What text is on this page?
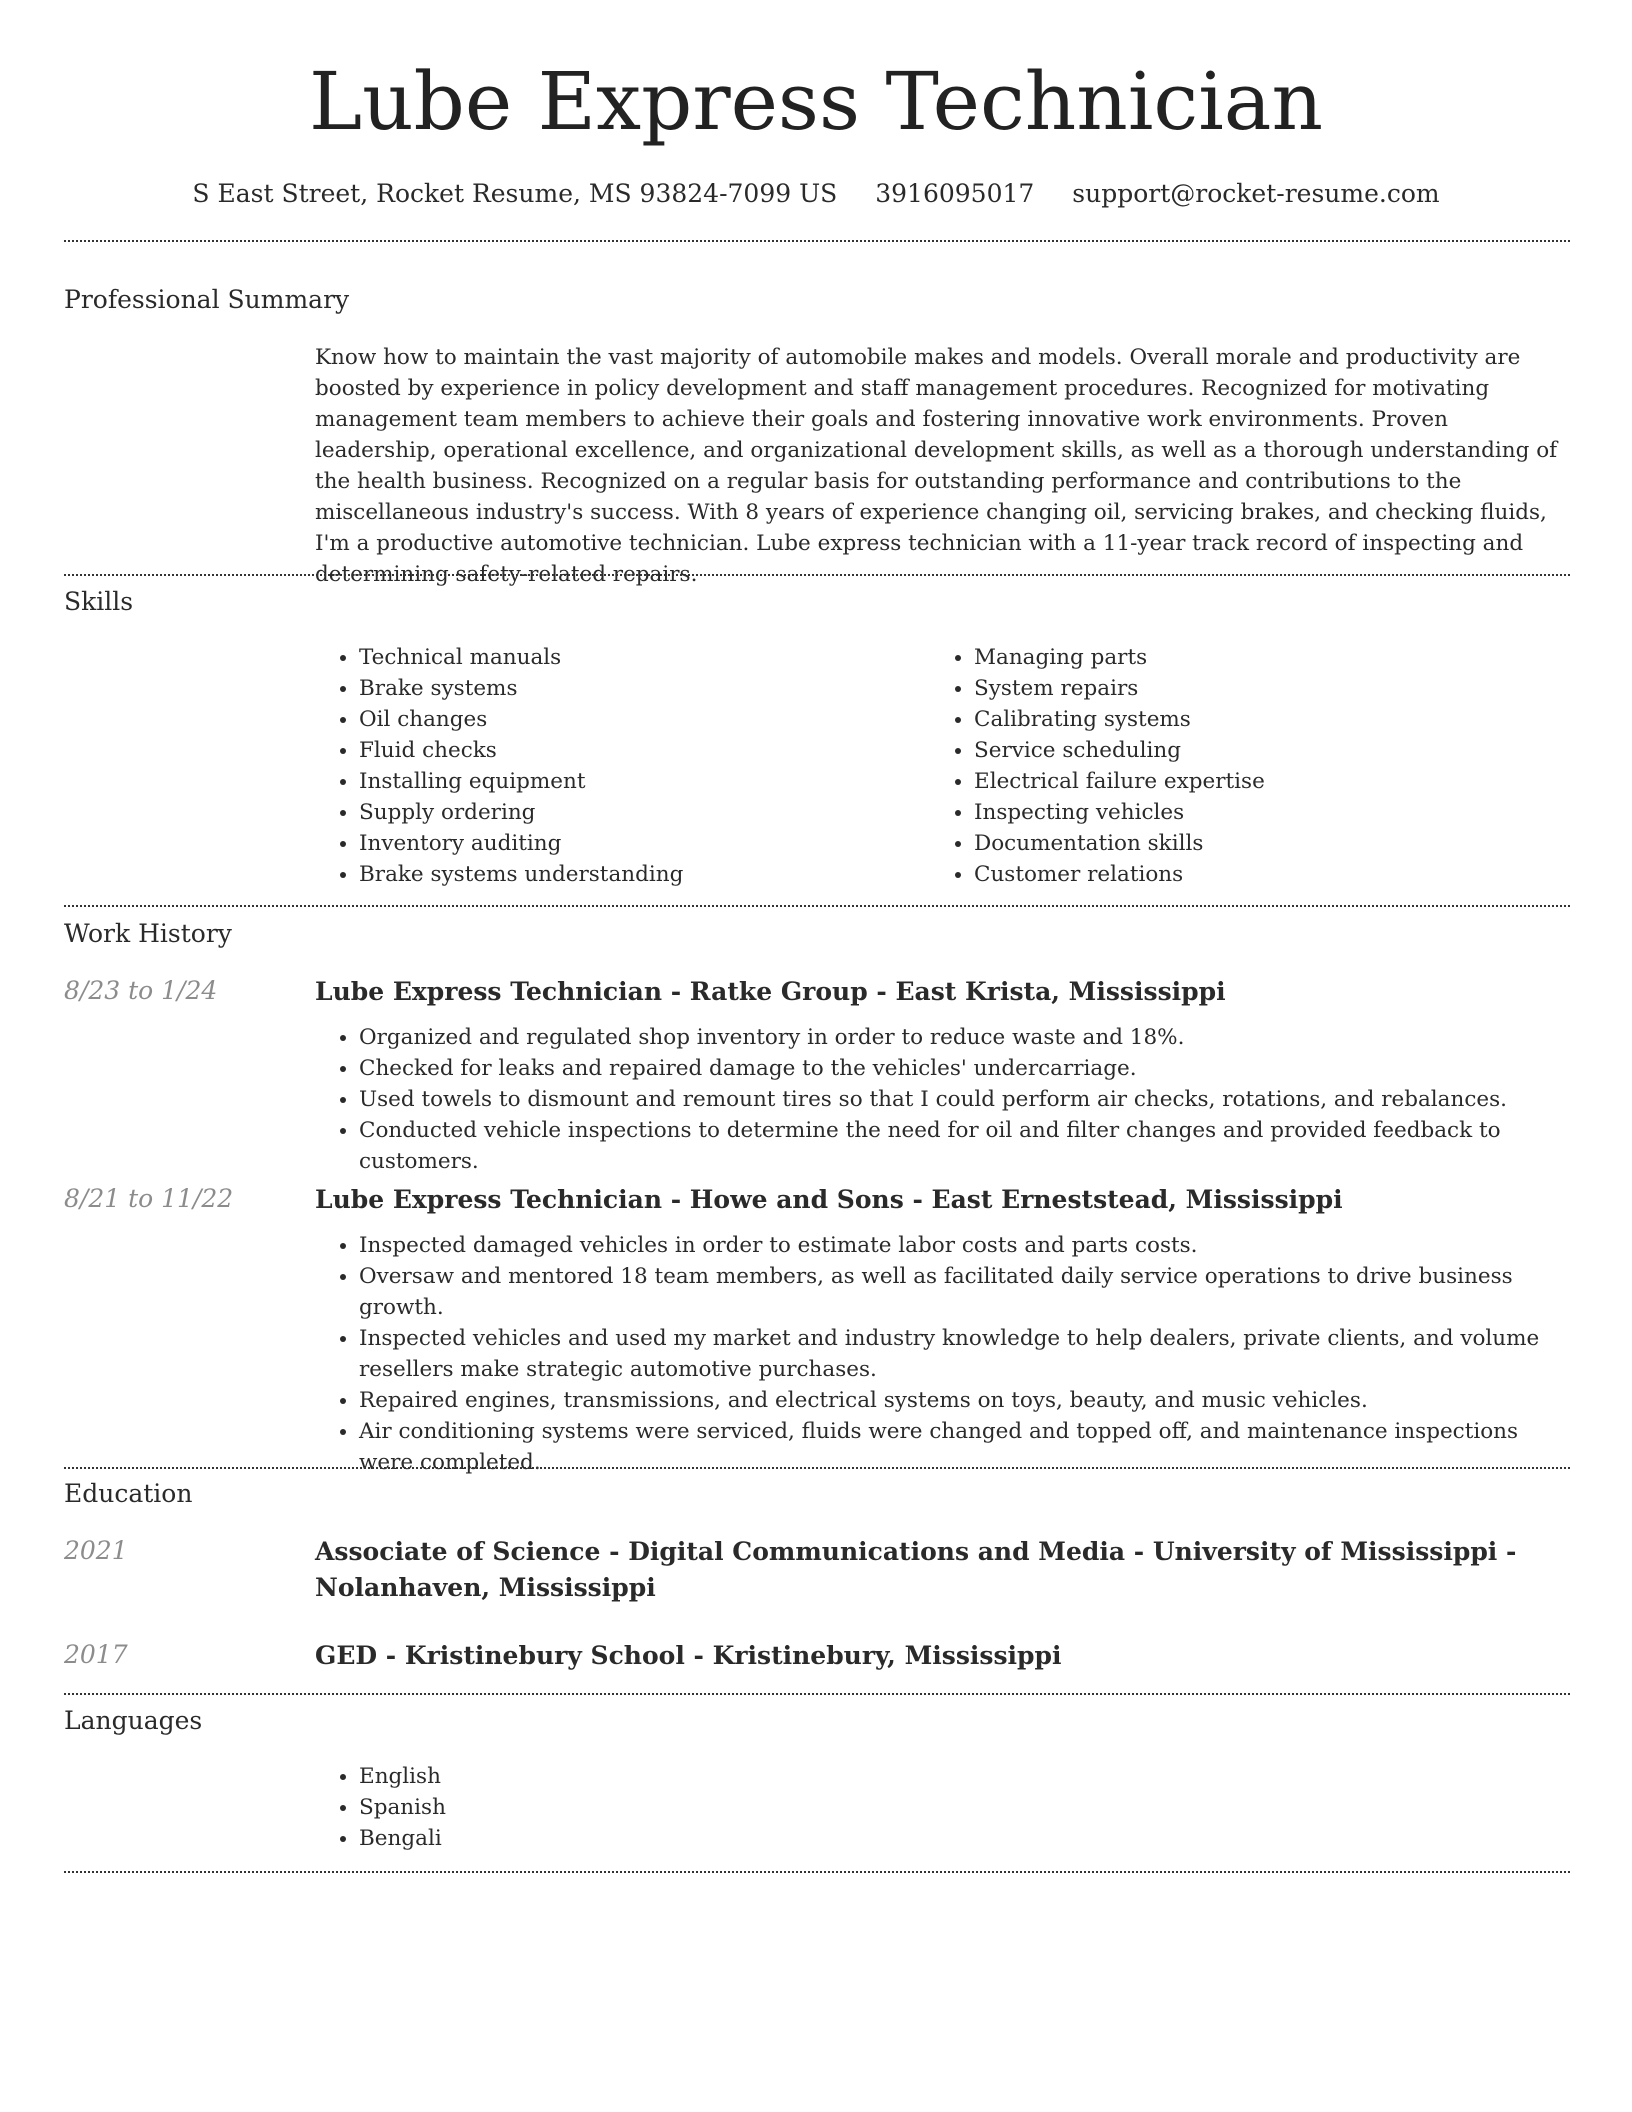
Lube Express Technician
S East Street, Rocket Resume, MS 93824-7099 US 3916095017 support@rocket-resume.com
Professional Summary

Know how to maintain the vast majority of automobile makes and models. Overall morale and productivity are boosted by experience in policy development and staff management procedures. Recognized for motivating management team members to achieve their goals and fostering innovative work environments. Proven leadership, operational excellence, and organizational development skills, as well as a thorough understanding of the health business. Recognized on a regular basis for outstanding performance and contributions to the miscellaneous industry's success. With 8 years of experience changing oil, servicing brakes, and checking fluids, I'm a productive automotive technician. Lube express technician with a 11-year track record of inspecting and determining safety-related repairs.

Skills
• Technical manuals
• Brake systems
• Oil changes
• Fluid checks
• Installing equipment
• Supply ordering
• Inventory auditing
• Brake systems understanding
• Managing parts
• System repairs
• Calibrating systems
• Service scheduling
• Electrical failure expertise
• Inspecting vehicles
• Documentation skills
• Customer relations
Work History
8/23 to 1/24	Lube Express Technician - Ratke Group - East Krista, Mississippi
• Organized and regulated shop inventory in order to reduce waste and 18%.
• Checked for leaks and repaired damage to the vehicles' undercarriage.
• Used towels to dismount and remount tires so that I could perform air checks, rotations, and rebalances.
• Conducted vehicle inspections to determine the need for oil and filter changes and provided feedback to customers.
8/21 to 11/22	Lube Express Technician - Howe and Sons - East Erneststead, Mississippi
• Inspected damaged vehicles in order to estimate labor costs and parts costs.
• Oversaw and mentored 18 team members, as well as facilitated daily service operations to drive business growth.
• Inspected vehicles and used my market and industry knowledge to help dealers, private clients, and volume resellers make strategic automotive purchases.
• Repaired engines, transmissions, and electrical systems on toys, beauty, and music vehicles.
• Air conditioning systems were serviced, fluids were changed and topped off, and maintenance inspections were completed.
Education
2021	Associate of Science - Digital Communications and Media - University of Mississippi - Nolanhaven, Mississippi
2017	GED - Kristinebury School - Kristinebury, Mississippi
Languages
• English
• Spanish
• Bengali
